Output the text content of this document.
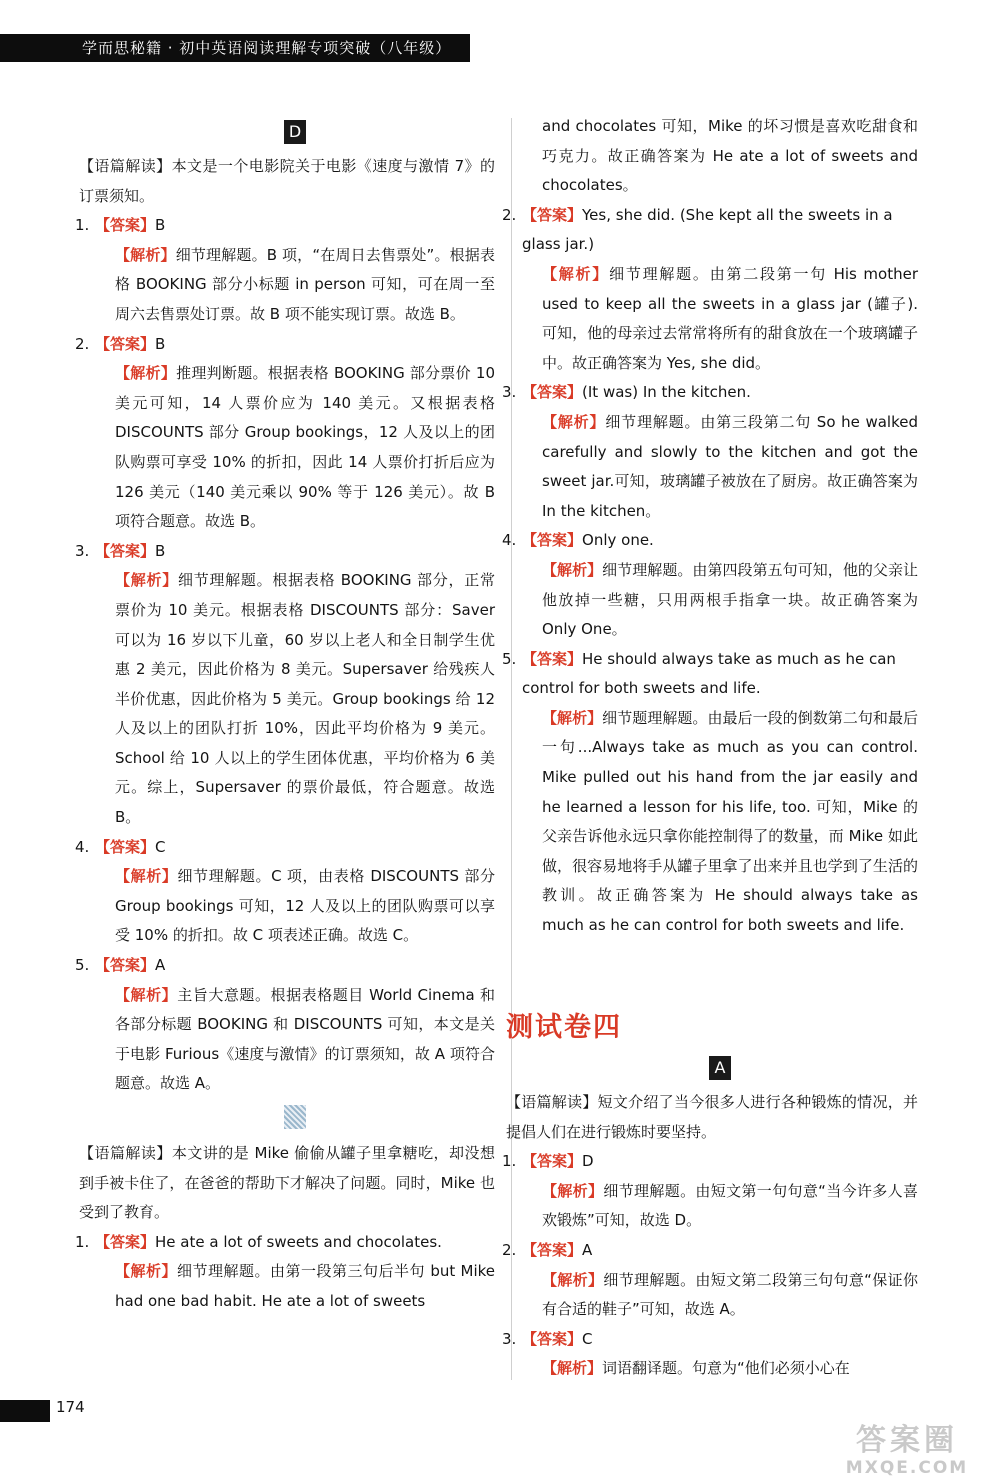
学而思秘籍 · 初中英语阅读理解专项突破（八年级）
D

【语篇解读】本文是一个电影院关于电影《速度与激情 7》的订票须知。

1. 【答案】B

【解析】细节理解题。B 项，“在周日去售票处”。根据表格 BOOKING 部分小标题 in person 可知，可在周一至周六去售票处订票。故 B 项不能实现订票。故选 B。

2. 【答案】B

【解析】推理判断题。根据表格 BOOKING 部分票价 10 美元可知，14 人票价应为 140 美元。又根据表格 DISCOUNTS 部分 Group bookings，12 人及以上的团队购票可享受 10% 的折扣，因此 14 人票价打折后应为 126 美元（140 美元乘以 90% 等于 126 美元）。故 B 项符合题意。故选 B。

3. 【答案】B

【解析】细节理解题。根据表格 BOOKING 部分，正常票价为 10 美元。根据表格 DISCOUNTS 部分：Saver 可以为 16 岁以下儿童，60 岁以上老人和全日制学生优惠 2 美元，因此价格为 8 美元。Supersaver 给残疾人半价优惠，因此价格为 5 美元。Group bookings 给 12 人及以上的团队打折 10%，因此平均价格为 9 美元。School 给 10 人以上的学生团体优惠，平均价格为 6 美元。综上，Supersaver 的票价最低，符合题意。故选 B。

4. 【答案】C

【解析】细节理解题。C 项，由表格 DISCOUNTS 部分 Group bookings 可知，12 人及以上的团队购票可以享受 10% 的折扣。故 C 项表述正确。故选 C。

5. 【答案】A

【解析】主旨大意题。根据表格题目 World Cinema 和各部分标题 BOOKING 和 DISCOUNTS 可知，本文是关于电影 Furious《速度与激情》的订票须知，故 A 项符合题意。故选 A。

【语篇解读】本文讲的是 Mike 偷偷从罐子里拿糖吃，却没想到手被卡住了，在爸爸的帮助下才解决了问题。同时，Mike 也受到了教育。

1. 【答案】He ate a lot of sweets and chocolates.

【解析】细节理解题。由第一段第三句后半句 but Mike had one bad habit. He ate a lot of sweets

and chocolates 可知，Mike 的坏习惯是喜欢吃甜食和巧克力。故正确答案为 He ate a lot of sweets and chocolates。

2. 【答案】Yes, she did. (She kept all the sweets in a glass jar.)

【解析】细节理解题。由第二段第一句 His mother used to keep all the sweets in a glass jar (罐子). 可知，他的母亲过去常常将所有的甜食放在一个玻璃罐子中。故正确答案为 Yes, she did。

3. 【答案】(It was) In the kitchen.

【解析】细节理解题。由第三段第二句 So he walked carefully and slowly to the kitchen and got the sweet jar.可知，玻璃罐子被放在了厨房。故正确答案为 In the kitchen。

4. 【答案】Only one.

【解析】细节理解题。由第四段第五句可知，他的父亲让他放掉一些糖，只用两根手指拿一块。故正确答案为 Only One。

5. 【答案】He should always take as much as he can control for both sweets and life.

【解析】细节题理解题。由最后一段的倒数第二句和最后一句...Always take as much as you can control. Mike pulled out his hand from the jar easily and he learned a lesson for his life, too. 可知，Mike 的父亲告诉他永远只拿你能控制得了的数量，而 Mike 如此做，很容易地将手从罐子里拿了出来并且也学到了生活的教训。故正确答案为 He should always take as much as he can control for both sweets and life.

测试卷四
A

【语篇解读】短文介绍了当今很多人进行各种锻炼的情况，并提倡人们在进行锻炼时要坚持。

1. 【答案】D

【解析】细节理解题。由短文第一句句意“当今许多人喜欢锻炼”可知，故选 D。

2. 【答案】A

【解析】细节理解题。由短文第二段第三句句意“保证你有合适的鞋子”可知，故选 A。

3. 【答案】C

【解析】词语翻译题。句意为“他们必须小心在

174
答案圈
MXQE.COM
